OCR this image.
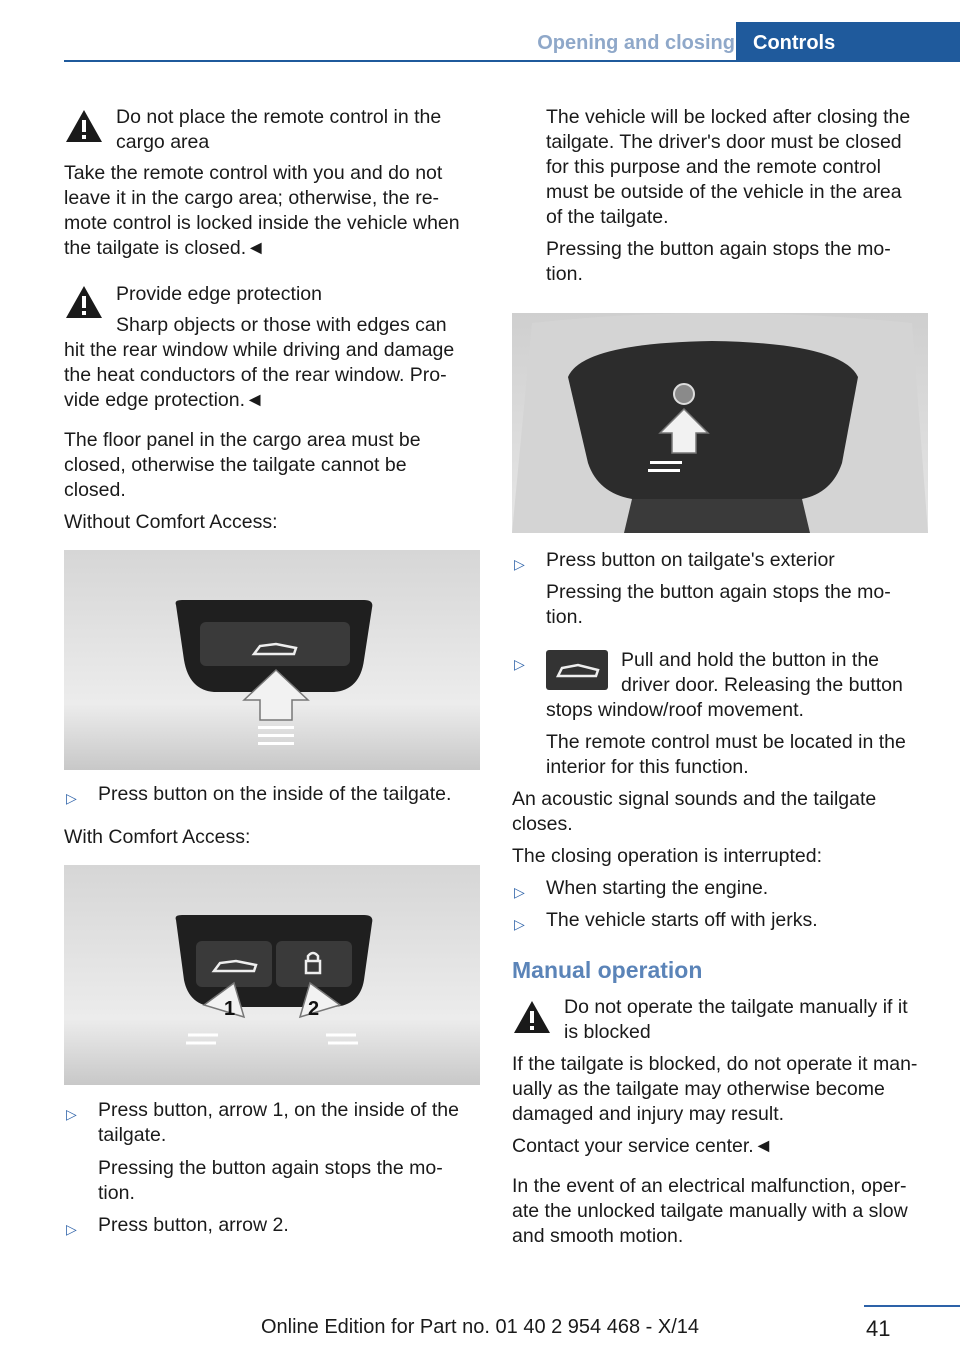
Opening and closing Controls

Do not place the remote control in the

cargo area

Take the remote control with you and do not

leave it in the cargo area; otherwise, the re-

mote control is locked inside the vehicle when

the tailgate is closed.◄

Provide edge protection

Sharp objects or those with edges can

hit the rear window while driving and damage

the heat conductors of the rear window. Pro-

vide edge protection.◄

The floor panel in the cargo area must be

closed, otherwise the tailgate cannot be

closed.

Without Comfort Access:

▷ Press button on the inside of the tailgate.

With Comfort Access:

1	2
▷ Press button, arrow 1, on the inside of the

tailgate.

Pressing the button again stops the mo-

tion.

▷ Press button, arrow 2.

The vehicle will be locked after closing the

tailgate. The driver's door must be closed

for this purpose and the remote control

must be outside of the vehicle in the area

of the tailgate.

Pressing the button again stops the mo-

tion.

▷ Press button on tailgate's exterior

Pressing the button again stops the mo-

tion.

▷	Pull and hold the button in the

driver door. Releasing the button

stops window/roof movement.

The remote control must be located in the

interior for this function.

An acoustic signal sounds and the tailgate

closes.

The closing operation is interrupted:

▷ When starting the engine.

▷ The vehicle starts off with jerks.

Manual operation

Do not operate the tailgate manually if it

is blocked

If the tailgate is blocked, do not operate it man-

ually as the tailgate may otherwise become

damaged and injury may result.

Contact your service center.◄

In the event of an electrical malfunction, oper-

ate the unlocked tailgate manually with a slow

and smooth motion.

41
Online Edition for Part no. 01 40 2 954 468 - X/14
